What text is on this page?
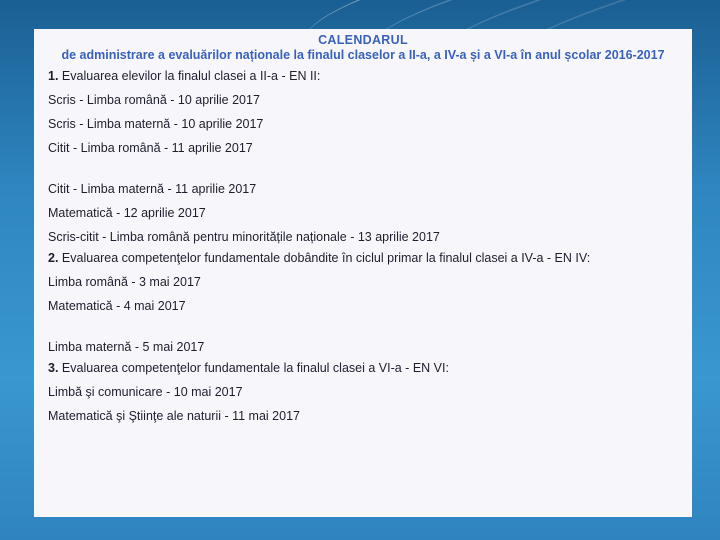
CALENDARUL
de administrare a evaluărilor naționale la finalul claselor a II-a, a IV-a și a VI-a în anul școlar 2016-2017
1. Evaluarea elevilor la finalul clasei a II-a - EN II:
Scris - Limba română - 10 aprilie 2017
Scris - Limba maternă - 10 aprilie 2017
Citit - Limba română - 11 aprilie 2017
Citit - Limba maternă - 11 aprilie 2017
Matematică - 12 aprilie 2017
Scris-citit - Limba română pentru minoritățile naționale - 13 aprilie 2017
2. Evaluarea competenţelor fundamentale dobândite în ciclul primar la finalul clasei a IV-a - EN IV:
Limba română - 3 mai 2017
Matematică - 4 mai 2017
Limba maternă - 5 mai 2017
3. Evaluarea competenţelor fundamentale la finalul clasei a VI-a - EN VI:
Limbă şi comunicare - 10 mai 2017
Matematică şi Ştiinţe ale naturii - 11 mai 2017
